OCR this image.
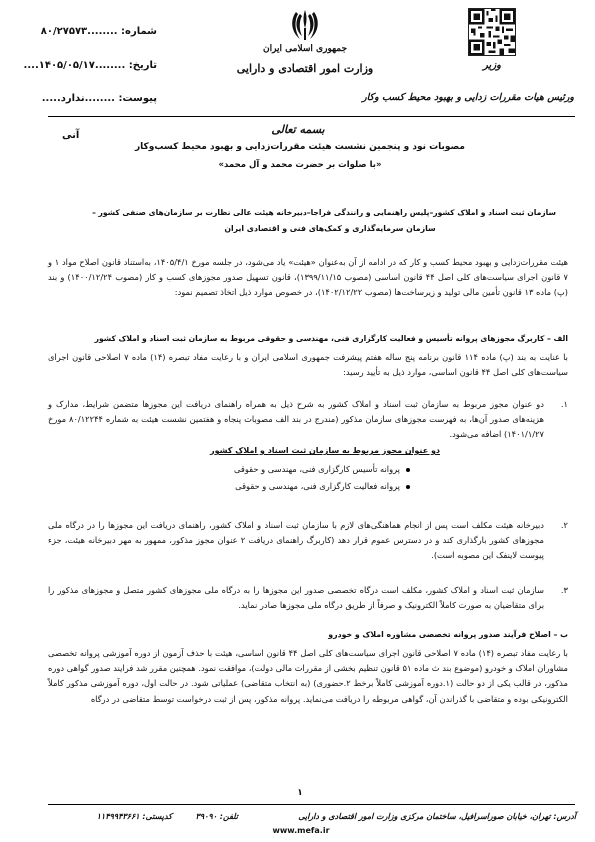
شماره: ........۸۰/۲۷۵۷۳
تاریخ: ........۱۴۰۵/۰۵/۱۷....
پیوست: ........ندارد.....
جمهوری اسلامی ایران
وزارت امور اقتصادی و دارایی	وزیر
ورئیس هیات مقررات زدایی و بهبود محیط کسب وکار
بسمه تعالی
آنی
مصوبات نود و پنجمین نشست هیئت مقررات‌زدایی و بهبود محیط کسب‌وکار
«با صلوات بر حضرت محمد و آل محمد»
سازمان ثبت اسناد و املاک کشور–پلیس راهنمایی و رانندگی فراجا–دبیرخانه هیئت عالی نظارت بر سازمان‌های صنفی کشور –
سازمان سرمایه‌گذاری و کمک‌های فنی و اقتصادی ایران
هیئت مقررات‌زدایی و بهبود محیط کسب و کار که در ادامه از آن به‌عنوان «هیئت» یاد می‌شود، در جلسه مورخ ۱۴۰۵/۴/۱، به‌استناد قانون اصلاح مواد ۱ و ۷ قانون اجرای سیاست‌های کلی اصل ۴۴ قانون اساسی (مصوب ۱۳۹۹/۱۱/۱۵)، قانون تسهیل صدور مجوزهای کسب و کار (مصوب ۱۴۰۰/۱۲/۲۴) و بند (پ) ماده ۱۳ قانون تأمین مالی تولید و زیرساخت‌ها (مصوب ۱۴۰۲/۱۲/۲۲)، در خصوص موارد ذیل اتخاذ تصمیم نمود:
الف – کاربرگ مجوزهای پروانه تأسیس و فعالیت کارگزاری فنی، مهندسی و حقوقی مربوط به سازمان ثبت اسناد و املاک کشور
با عنایت به بند (پ) ماده ۱۱۴ قانون برنامه پنج ساله هفتم پیشرفت جمهوری اسلامی ایران و با رعایت مفاد تبصره (۱۴) ماده ۷ اصلاحی قانون اجرای سیاست‌های کلی اصل ۴۴ قانون اساسی، موارد ذیل به تأیید رسید:
۱.
دو عنوان مجوز مربوط به سازمان ثبت اسناد و املاک کشور به شرح ذیل به همراه راهنمای دریافت این مجوزها متضمن شرایط، مدارک و هزینه‌های صدور آن‌ها، به فهرست مجوزهای سازمان مذکور (مندرج در بند الف مصوبات پنجاه و هفتمین نشست هیئت به شماره ۸۰/۱۲۲۴۴ مورخ ۱۴۰۱/۱/۲۷) اضافه می‌شود.
دو عنوان مجوز مربوط به سازمان ثبت اسناد و املاک کشور
پروانه تأسیس کارگزاری فنی، مهندسی و حقوقی
پروانه فعالیت کارگزاری فنی، مهندسی و حقوقی
۲.
دبیرخانه هیئت مکلف است پس از انجام هماهنگی‌های لازم با سازمان ثبت اسناد و املاک کشور، راهنمای دریافت این مجوزها را در درگاه ملی مجوزهای کشور بارگذاری کند و در دسترس عموم قرار دهد (کاربرگ راهنمای دریافت ۲ عنوان مجوز مذکور، ممهور به مهر دبیرخانه هیئت، جزء پیوست لاینفک این مصوبه است).
۳.
سازمان ثبت اسناد و املاک کشور، مکلف است درگاه تخصصی صدور این مجوزها را به درگاه ملی مجوزهای کشور متصل و مجوزهای مذکور را برای متقاضیان به صورت کاملاً الکترونیک و صرفاً از طریق درگاه ملی مجوزها صادر نماید.
ب – اصلاح فرآیند صدور پروانه تخصصی مشاوره املاک و خودرو
با رعایت مفاد تبصره (۱۴) ماده ۷ اصلاحی قانون اجرای سیاست‌های کلی اصل ۴۴ قانون اساسی، هیئت با حذف آزمون از دوره آموزشی پروانه تخصصی مشاوران املاک و خودرو (موضوع بند ث ماده ۵۱ قانون تنظیم بخشی از مقررات مالی دولت)، موافقت نمود. همچنین مقرر شد فرایند صدور گواهی دوره مذکور، در قالب یکی از دو حالت (۱.دوره آموزشی کاملاً برخط ۲.حضوری) (به انتخاب متقاضی) عملیاتی شود. در حالت اول، دوره آموزشی مذکور کاملاً الکترونیکی بوده و متقاضی با گذراندن آن، گواهی مربوطه را دریافت می‌نماید. پروانه مذکور، پس از ثبت درخواست توسط متقاضی در درگاه
۱
آدرس: تهران، خیابان صوراسرافیل، ساختمان مرکزی وزارت امور اقتصادی و دارایی
تلفن: ۳۹۰۹۰
کدپستی: ۱۱۴۹۹۴۳۶۶۱
www.mefa.ir
